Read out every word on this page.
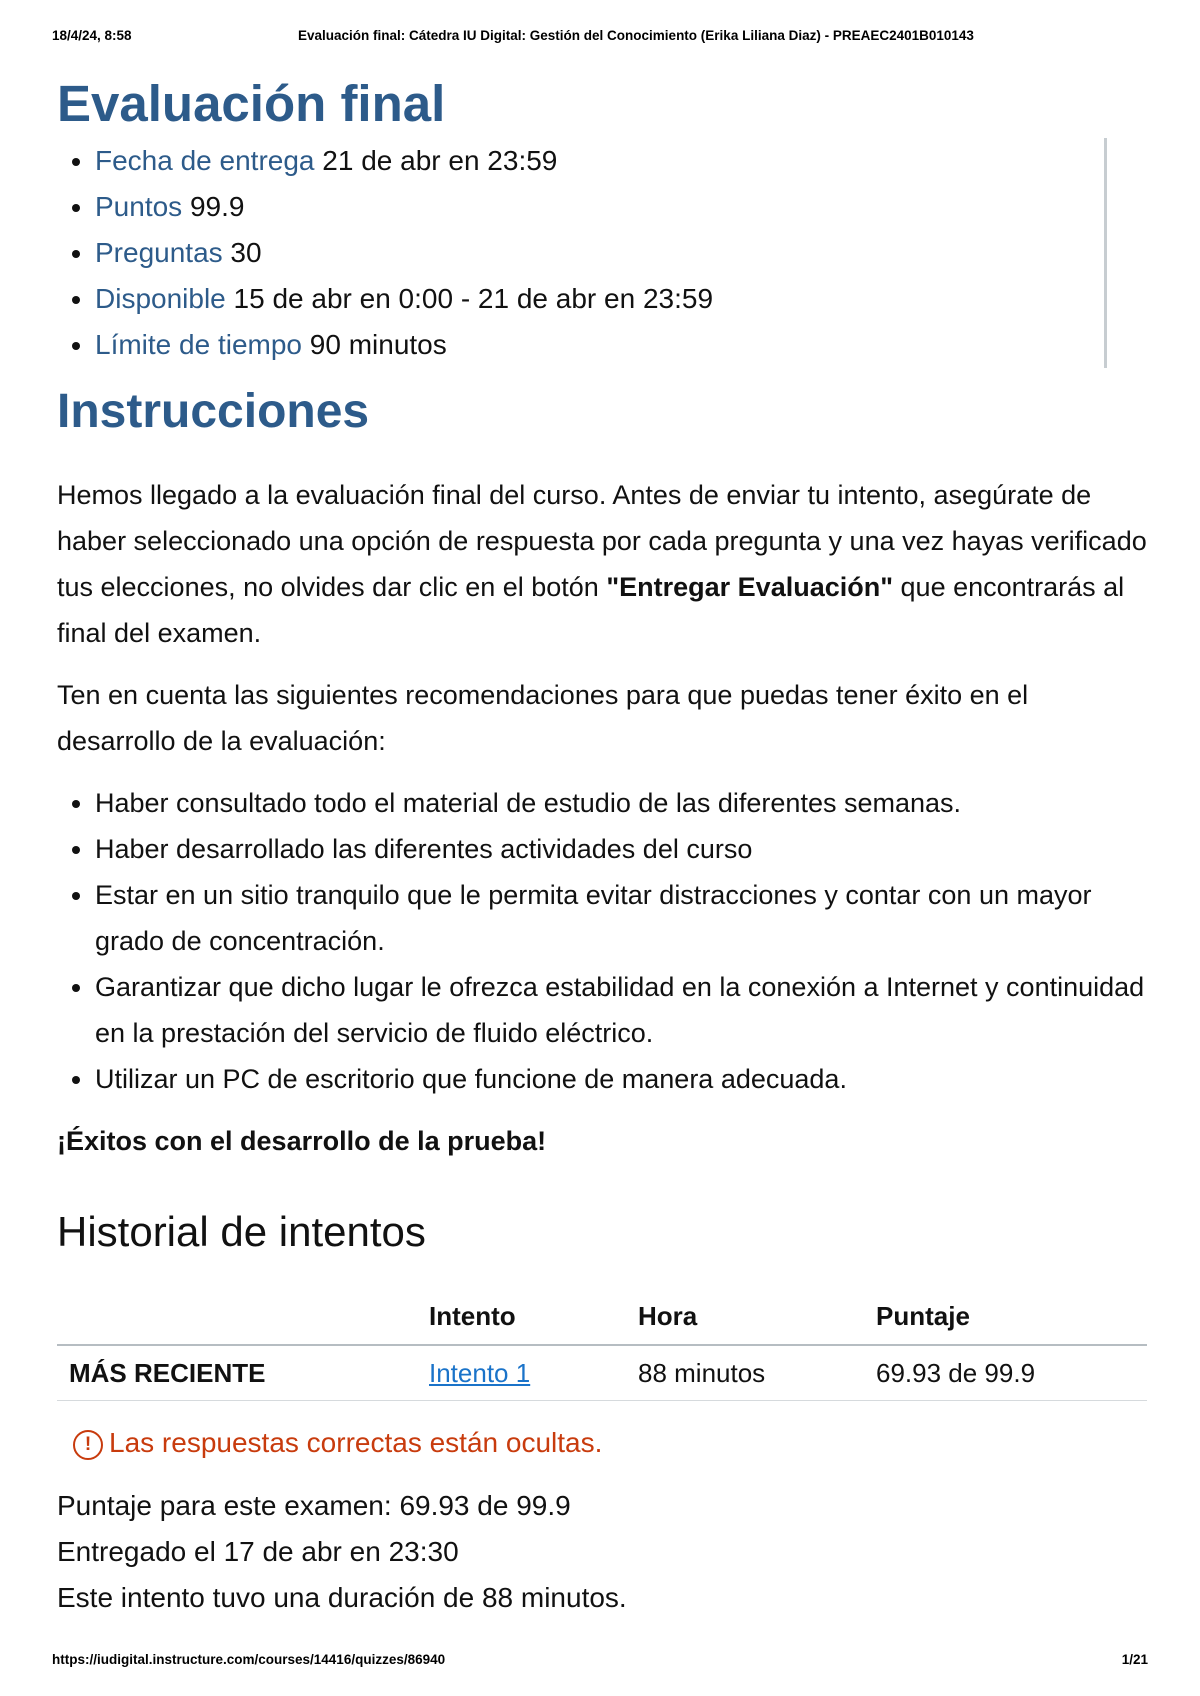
18/4/24, 8:58	Evaluación final: Cátedra IU Digital: Gestión del Conocimiento (Erika Liliana Diaz) - PREAEC2401B010143
Evaluación final
• Fecha de entrega 21 de abr en 23:59
• Puntos 99.9
• Preguntas 30
• Disponible 15 de abr en 0:00 - 21 de abr en 23:59
• Límite de tiempo 90 minutos
Instrucciones

Hemos llegado a la evaluación final del curso. Antes de enviar tu intento, asegúrate de haber seleccionado una opción de respuesta por cada pregunta y una vez hayas verificado tus elecciones, no olvides dar clic en el botón "Entregar Evaluación" que encontrarás al final del examen.

Ten en cuenta las siguientes recomendaciones para que puedas tener éxito en el desarrollo de la evaluación:

• Haber consultado todo el material de estudio de las diferentes semanas.
• Haber desarrollado las diferentes actividades del curso
• Estar en un sitio tranquilo que le permita evitar distracciones y contar con un mayor grado de concentración.
• Garantizar que dicho lugar le ofrezca estabilidad en la conexión a Internet y continuidad en la prestación del servicio de fluido eléctrico.
• Utilizar un PC de escritorio que funcione de manera adecuada.

¡Éxitos con el desarrollo de la prueba!

Historial de intentos
	Intento	Hora	Puntaje
MÁS RECIENTE	Intento 1	88 minutos	69.93 de 99.9
! Las respuestas correctas están ocultas.
Puntaje para este examen: 69.93 de 99.9
Entregado el 17 de abr en 23:30
Este intento tuvo una duración de 88 minutos.
https://iudigital.instructure.com/courses/14416/quizzes/86940	1/21
